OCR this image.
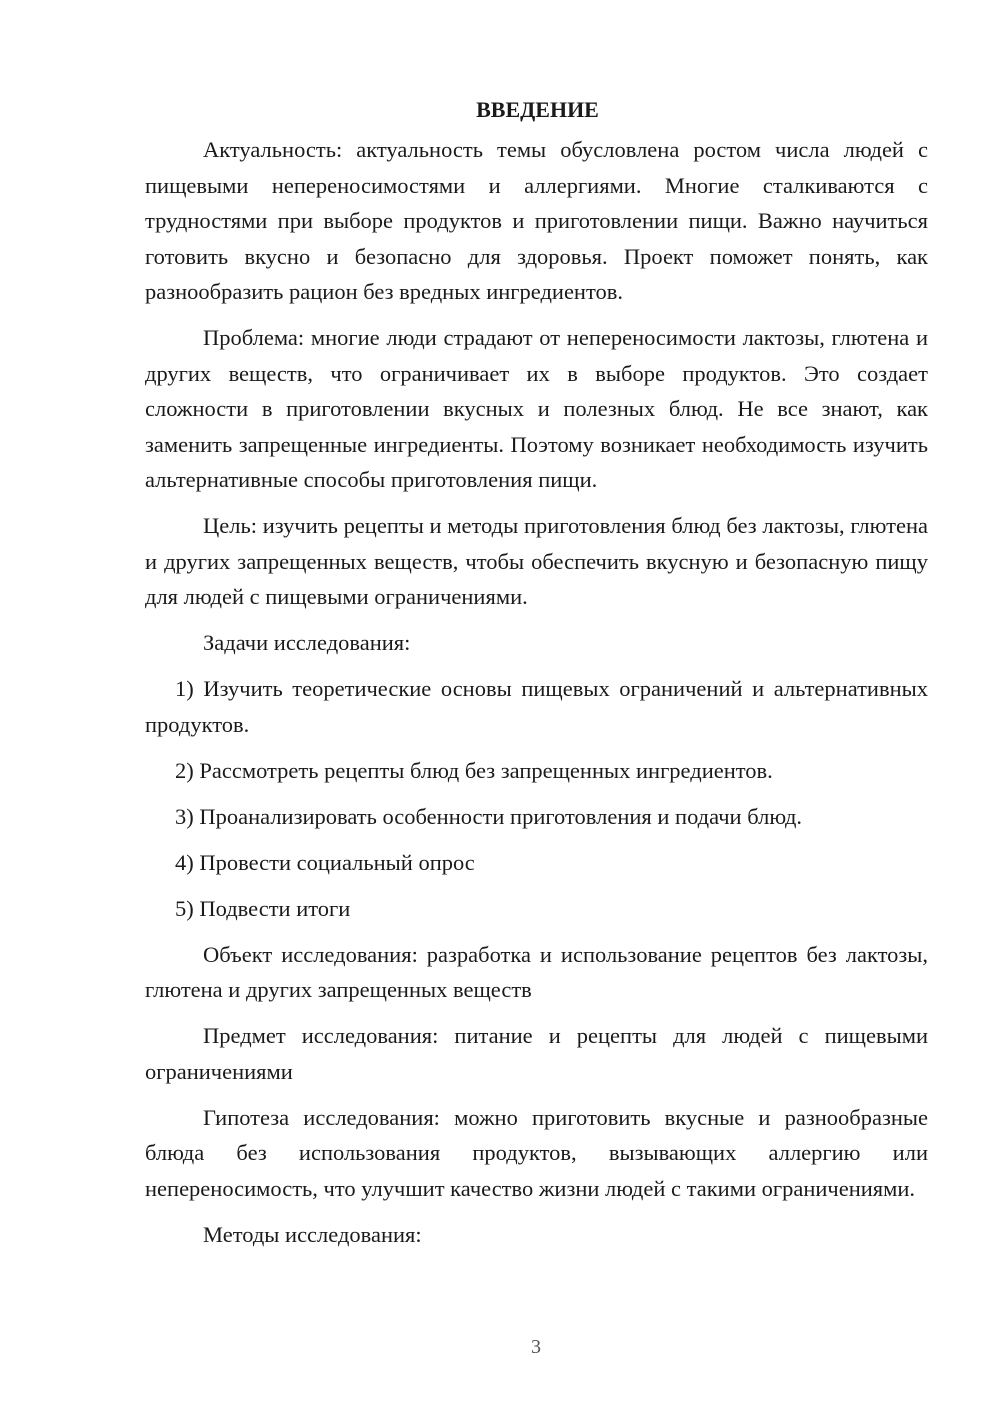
ВВЕДЕНИЕ

Актуальность: актуальность темы обусловлена ростом числа людей с пищевыми непереносимостями и аллергиями. Многие сталкиваются с трудностями при выборе продуктов и приготовлении пищи. Важно научиться готовить вкусно и безопасно для здоровья. Проект поможет понять, как разнообразить рацион без вредных ингредиентов.

Проблема: многие люди страдают от непереносимости лактозы, глютена и других веществ, что ограничивает их в выборе продуктов. Это создает сложности в приготовлении вкусных и полезных блюд. Не все знают, как заменить запрещенные ингредиенты. Поэтому возникает необходимость изучить альтернативные способы приготовления пищи.

Цель: изучить рецепты и методы приготовления блюд без лактозы, глютена и других запрещенных веществ, чтобы обеспечить вкусную и безопасную пищу для людей с пищевыми ограничениями.

Задачи исследования:

1) Изучить теоретические основы пищевых ограничений и альтернативных продуктов.

2) Рассмотреть рецепты блюд без запрещенных ингредиентов.

3) Проанализировать особенности приготовления и подачи блюд.

4) Провести социальный опрос

5) Подвести итоги

Объект исследования: разработка и использование рецептов без лактозы, глютена и других запрещенных веществ

Предмет исследования: питание и рецепты для людей с пищевыми ограничениями

Гипотеза исследования: можно приготовить вкусные и разнообразные блюда без использования продуктов, вызывающих аллергию или непереносимость, что улучшит качество жизни людей с такими ограничениями.

Методы исследования:

3
